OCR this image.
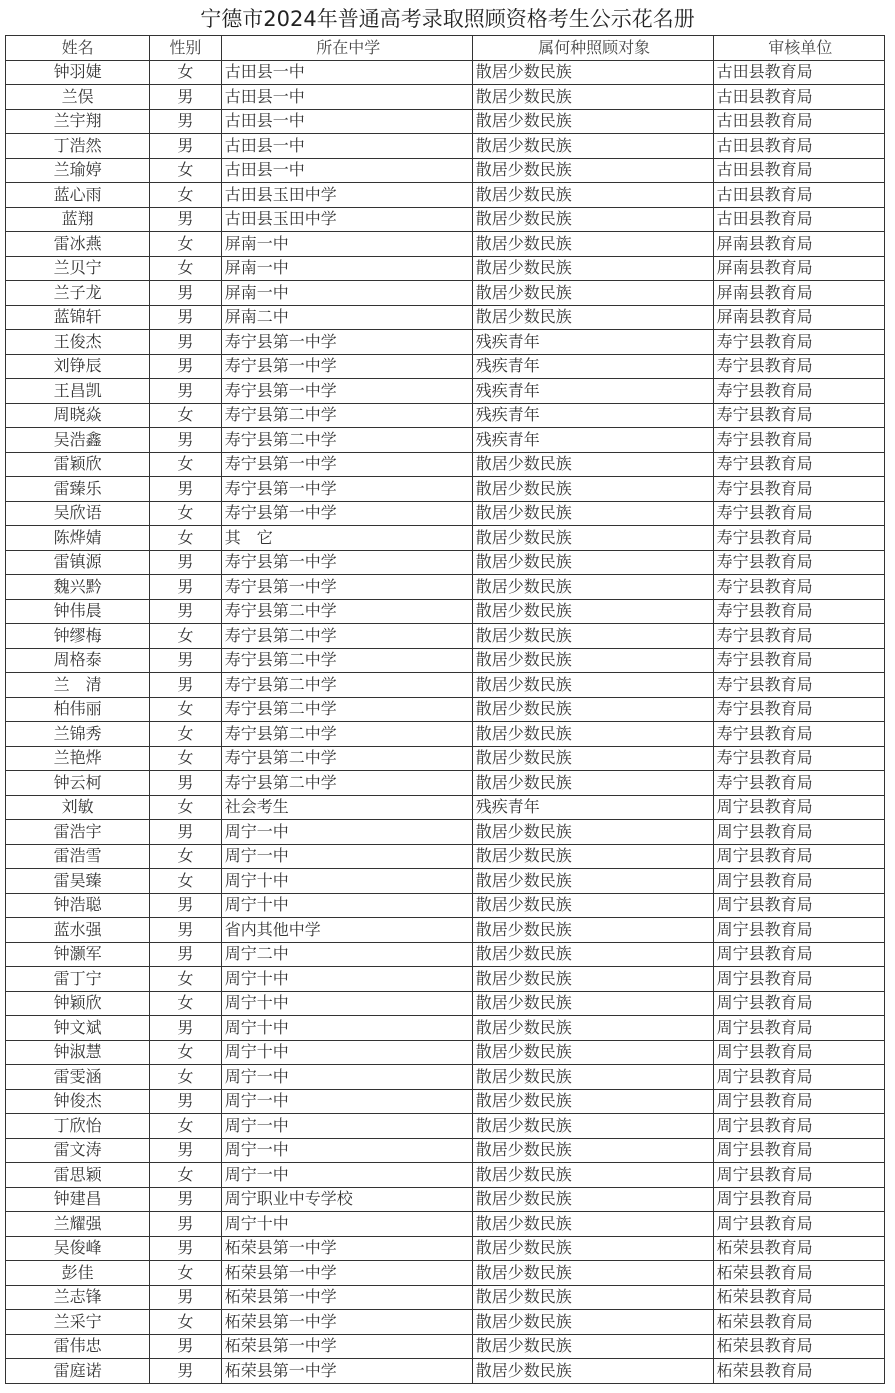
宁德市2024年普通高考录取照顾资格考生公示花名册
姓名	性别	所在中学	属何种照顾对象	审核单位
钟羽婕	女	古田县一中	散居少数民族	古田县教育局
兰俣	男	古田县一中	散居少数民族	古田县教育局
兰宇翔	男	古田县一中	散居少数民族	古田县教育局
丁浩然	男	古田县一中	散居少数民族	古田县教育局
兰瑜婷	女	古田县一中	散居少数民族	古田县教育局
蓝心雨	女	古田县玉田中学	散居少数民族	古田县教育局
蓝翔	男	古田县玉田中学	散居少数民族	古田县教育局
雷冰燕	女	屏南一中	散居少数民族	屏南县教育局
兰贝宁	女	屏南一中	散居少数民族	屏南县教育局
兰子龙	男	屏南一中	散居少数民族	屏南县教育局
蓝锦轩	男	屏南二中	散居少数民族	屏南县教育局
王俊杰	男	寿宁县第一中学	残疾青年	寿宁县教育局
刘铮辰	男	寿宁县第一中学	残疾青年	寿宁县教育局
王昌凯	男	寿宁县第一中学	残疾青年	寿宁县教育局
周晓焱	女	寿宁县第二中学	残疾青年	寿宁县教育局
吴浩鑫	男	寿宁县第二中学	残疾青年	寿宁县教育局
雷颖欣	女	寿宁县第一中学	散居少数民族	寿宁县教育局
雷臻乐	男	寿宁县第一中学	散居少数民族	寿宁县教育局
吴欣语	女	寿宁县第一中学	散居少数民族	寿宁县教育局
陈烨婧	女	其　它	散居少数民族	寿宁县教育局
雷镇源	男	寿宁县第一中学	散居少数民族	寿宁县教育局
魏兴黔	男	寿宁县第一中学	散居少数民族	寿宁县教育局
钟伟晨	男	寿宁县第二中学	散居少数民族	寿宁县教育局
钟缪梅	女	寿宁县第二中学	散居少数民族	寿宁县教育局
周格泰	男	寿宁县第二中学	散居少数民族	寿宁县教育局
兰　清	男	寿宁县第二中学	散居少数民族	寿宁县教育局
柏伟丽	女	寿宁县第二中学	散居少数民族	寿宁县教育局
兰锦秀	女	寿宁县第二中学	散居少数民族	寿宁县教育局
兰艳烨	女	寿宁县第二中学	散居少数民族	寿宁县教育局
钟云柯	男	寿宁县第二中学	散居少数民族	寿宁县教育局
刘敏	女	社会考生	残疾青年	周宁县教育局
雷浩宇	男	周宁一中	散居少数民族	周宁县教育局
雷浩雪	女	周宁一中	散居少数民族	周宁县教育局
雷昊臻	女	周宁十中	散居少数民族	周宁县教育局
钟浩聪	男	周宁十中	散居少数民族	周宁县教育局
蓝水强	男	省内其他中学	散居少数民族	周宁县教育局
钟灏军	男	周宁二中	散居少数民族	周宁县教育局
雷丁宁	女	周宁十中	散居少数民族	周宁县教育局
钟颖欣	女	周宁十中	散居少数民族	周宁县教育局
钟文斌	男	周宁十中	散居少数民族	周宁县教育局
钟淑慧	女	周宁十中	散居少数民族	周宁县教育局
雷雯涵	女	周宁一中	散居少数民族	周宁县教育局
钟俊杰	男	周宁一中	散居少数民族	周宁县教育局
丁欣怡	女	周宁一中	散居少数民族	周宁县教育局
雷文涛	男	周宁一中	散居少数民族	周宁县教育局
雷思颖	女	周宁一中	散居少数民族	周宁县教育局
钟建昌	男	周宁职业中专学校	散居少数民族	周宁县教育局
兰耀强	男	周宁十中	散居少数民族	周宁县教育局
吴俊峰	男	柘荣县第一中学	散居少数民族	柘荣县教育局
彭佳	女	柘荣县第一中学	散居少数民族	柘荣县教育局
兰志锋	男	柘荣县第一中学	散居少数民族	柘荣县教育局
兰采宁	女	柘荣县第一中学	散居少数民族	柘荣县教育局
雷伟忠	男	柘荣县第一中学	散居少数民族	柘荣县教育局
雷庭诺	男	柘荣县第一中学	散居少数民族	柘荣县教育局
